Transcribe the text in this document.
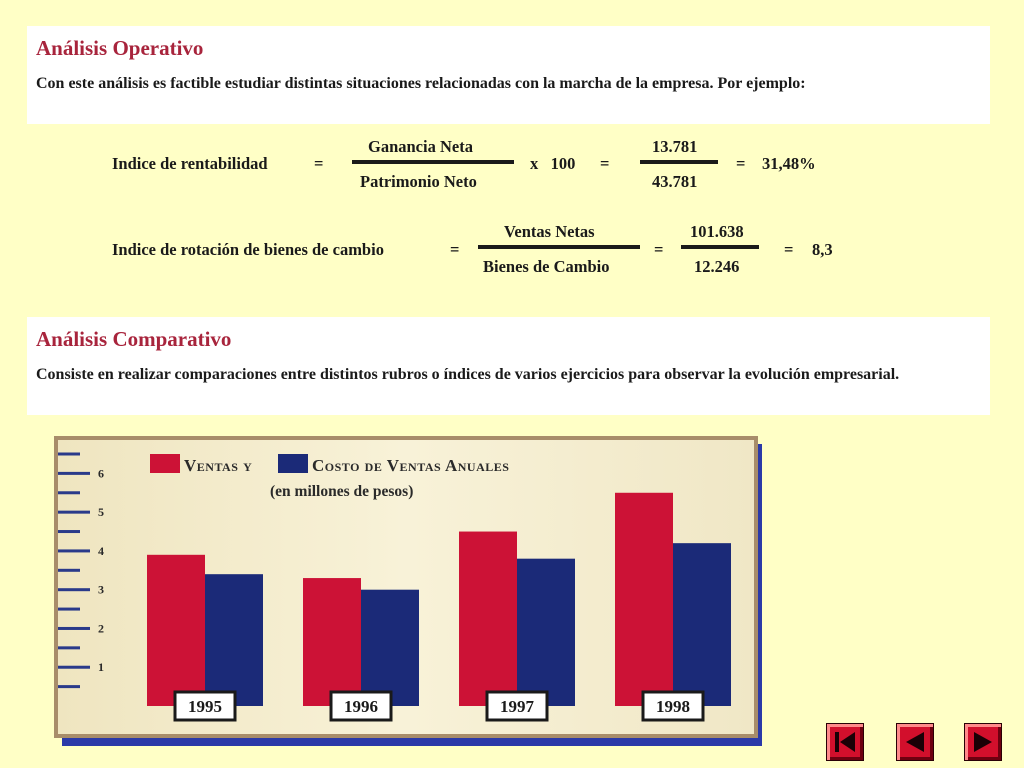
Análisis Operativo
Con este análisis es factible estudiar distintas situaciones relacionadas con la marcha de la empresa. Por ejemplo:
Indice de rentabilidad	=
Ganancia Neta
Patrimonio Neto
x   100 =
13.781
43.781
= 31,48%
Indice de rotación de bienes de cambio	=
Ventas Netas
Bienes de Cambio
=
101.638
12.246
= 8,3
Análisis Comparativo
Consiste en realizar comparaciones entre distintos rubros o índices de varios ejercicios para observar la evolución empresarial.
1
2
3
4
5
6
1995	1996	1997	1998
Ventas y	Costo de Ventas Anuales
(en millones de pesos)
